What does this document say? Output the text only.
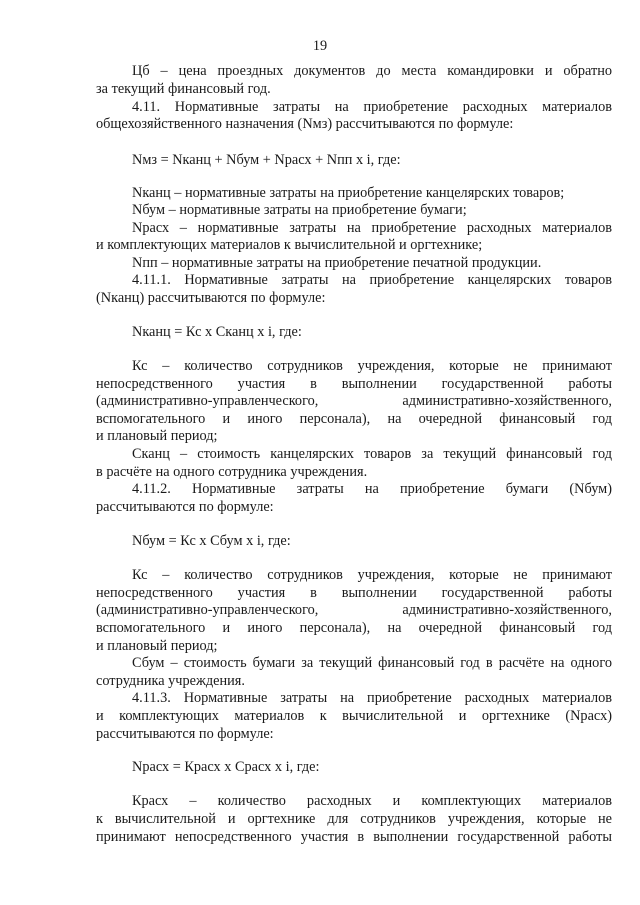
19
Цб – цена проездных документов до места командировки и обратно
за текущий финансовый год.
4.11. Нормативные затраты на приобретение расходных материалов
общехозяйственного назначения (Nмз) рассчитываются по формуле:
Nмз = Nканц + Nбум + Nрасх + Nпп x i, где:
Nканц – нормативные затраты на приобретение канцелярских товаров;
Nбум – нормативные затраты на приобретение бумаги;
Nрасх – нормативные затраты на приобретение расходных материалов
и комплектующих материалов к вычислительной и оргтехнике;
Nпп – нормативные затраты на приобретение печатной продукции.
4.11.1. Нормативные затраты на приобретение канцелярских товаров
(Nканц) рассчитываются по формуле:
Nканц = Кс x Сканц x i, где:
Кс – количество сотрудников учреждения, которые не принимают
непосредственного участия в выполнении государственной работы
(административно-управленческого, административно-хозяйственного,
вспомогательного и иного персонала), на очередной финансовый год
и плановый период;
Сканц – стоимость канцелярских товаров за текущий финансовый год
в расчёте на одного сотрудника учреждения.
4.11.2. Нормативные затраты на приобретение бумаги (Nбум)
рассчитываются по формуле:
Nбум = Кс x Сбум x i, где:
Кс – количество сотрудников учреждения, которые не принимают
непосредственного участия в выполнении государственной работы
(административно-управленческого, административно-хозяйственного,
вспомогательного и иного персонала), на очередной финансовый год
и плановый период;
Сбум – стоимость бумаги за текущий финансовый год в расчёте на одного
сотрудника учреждения.
4.11.3. Нормативные затраты на приобретение расходных материалов
и комплектующих материалов к вычислительной и оргтехнике (Nрасх)
рассчитываются по формуле:
Nрасх = Красх x Срасх x i, где:
Красх – количество расходных и комплектующих материалов
к вычислительной и оргтехнике для сотрудников учреждения, которые не
принимают непосредственного участия в выполнении государственной работы
